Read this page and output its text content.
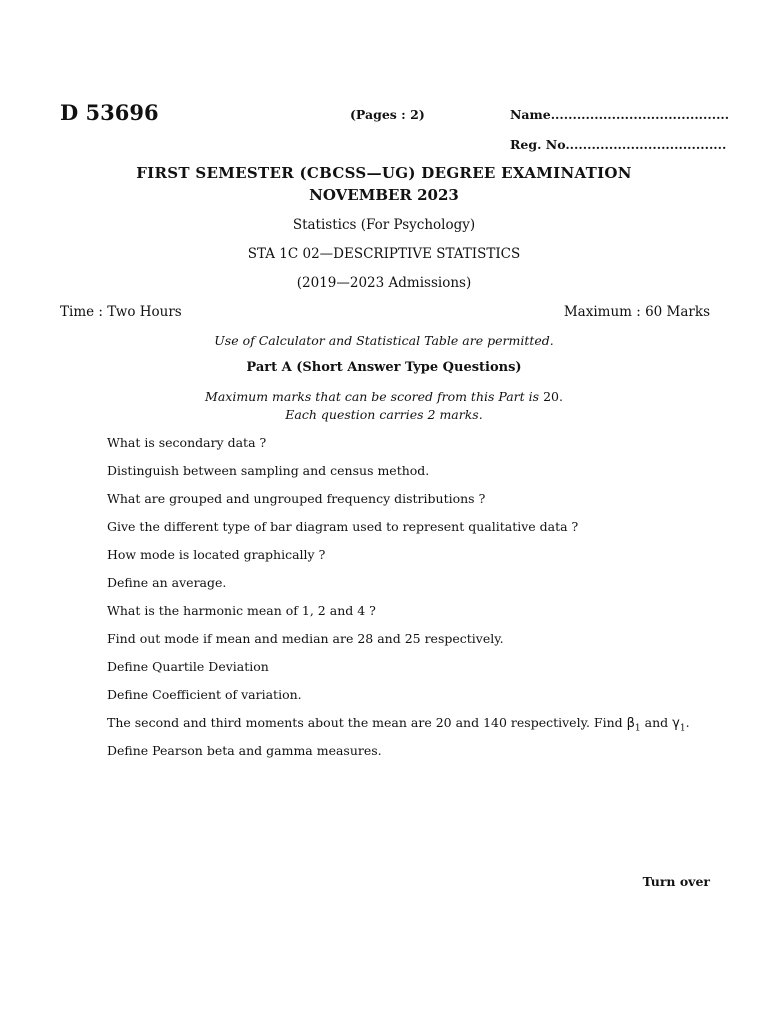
D 53696	(Pages : 2)	Name.........................................
Reg. No.....................................
FIRST SEMESTER (CBCSS—UG) DEGREE EXAMINATION
NOVEMBER 2023
Statistics (For Psychology)
STA 1C 02—DESCRIPTIVE STATISTICS
(2019—2023 Admissions)
Time : Two Hours	Maximum : 60 Marks
Use of Calculator and Statistical Table are permitted.
Part A (Short Answer Type Questions)
Maximum marks that can be scored from this Part is 20.
Each question carries 2 marks.
What is secondary data ?
Distinguish between sampling and census method.
What are grouped and ungrouped frequency distributions ?
Give the different type of bar diagram used to represent qualitative data ?
How mode is located graphically ?
Define an average.
What is the harmonic mean of 1, 2 and 4 ?
Find out mode if mean and median are 28 and 25 respectively.
Define Quartile Deviation
Define Coefficient of variation.
The second and third moments about the mean are 20 and 140 respectively. Find $\beta_1$ and $\gamma_1$.
Define Pearson beta and gamma measures.
Turn over
